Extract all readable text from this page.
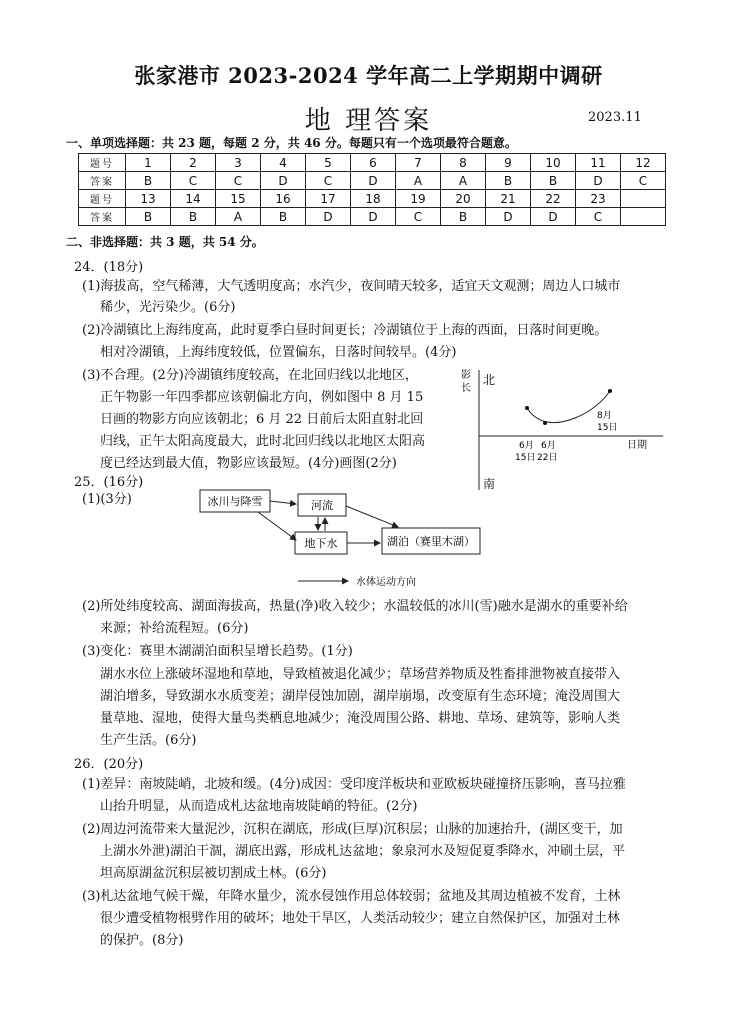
张家港市 2023-2024 学年高二上学期期中调研
地 理答案	2023.11
一、单项选择题：共 23 题，每题 2 分，共 46 分。每题只有一个选项最符合题意。
题号	1	2	3	4	5	6	7	8	9	10	11	12
答案	B	C	C	D	C	D	A	A	B	B	D	C
题号	13	14	15	16	17	18	19	20	21	22	23	
答案	B	B	A	B	D	D	C	B	D	D	C	
二、非选择题：共 3 题，共 54 分。
24．(18分)
(1)海拔高，空气稀薄，大气透明度高；水汽少，夜间晴天较多，适宜天文观测；周边人口城市
稀少，光污染少。(6分)
(2)冷湖镇比上海纬度高，此时夏季白昼时间更长；冷湖镇位于上海的西面，日落时间更晚。
相对冷湖镇，上海纬度较低，位置偏东，日落时间较早。(4分)
(3)不合理。(2分)冷湖镇纬度较高，在北回归线以北地区，
正午物影一年四季都应该朝偏北方向，例如图中 8 月 15
日画的物影方向应该朝北；6 月 22 日前后太阳直射北回
归线，正午太阳高度最大，此时北回归线以北地区太阳高
度已经达到最大值，物影应该最短。(4分)画图(2分)
北
南
影长
日期
6月 15日
6月 22日
8月 15日
25．(16分)
(1)(3分)	冰川与降雪	河流
地下水	湖泊（赛里木湖）
水体运动方向
(2)所处纬度较高、湖面海拔高，热量(净)收入较少；水温较低的冰川(雪)融水是湖水的重要补给
来源；补给流程短。(6分)
(3)变化：赛里木湖湖泊面积呈增长趋势。(1分)
湖水水位上涨破坏湿地和草地，导致植被退化减少；草场营养物质及牲畜排泄物被直接带入
湖泊增多，导致湖水水质变差；湖岸侵蚀加剧，湖岸崩塌，改变原有生态环境；淹没周围大
量草地、湿地，使得大量鸟类栖息地减少；淹没周围公路、耕地、草场、建筑等，影响人类
生产生活。(6分)
26．(20分)
(1)差异：南坡陡峭，北坡和缓。(4分)成因：受印度洋板块和亚欧板块碰撞挤压影响，喜马拉雅
山抬升明显，从而造成札达盆地南坡陡峭的特征。(2分)
(2)周边河流带来大量泥沙，沉积在湖底，形成(巨厚)沉积层；山脉的加速抬升，(湖区变干，加
上湖水外泄)湖泊干涸，湖底出露，形成札达盆地；象泉河水及短促夏季降水，冲刷土层，平
坦高原湖盆沉积层被切割成土林。(6分)
(3)札达盆地气候干燥，年降水量少，流水侵蚀作用总体较弱；盆地及其周边植被不发育，土林
很少遭受植物根劈作用的破坏；地处干旱区，人类活动较少；建立自然保护区，加强对土林
的保护。(8分)
